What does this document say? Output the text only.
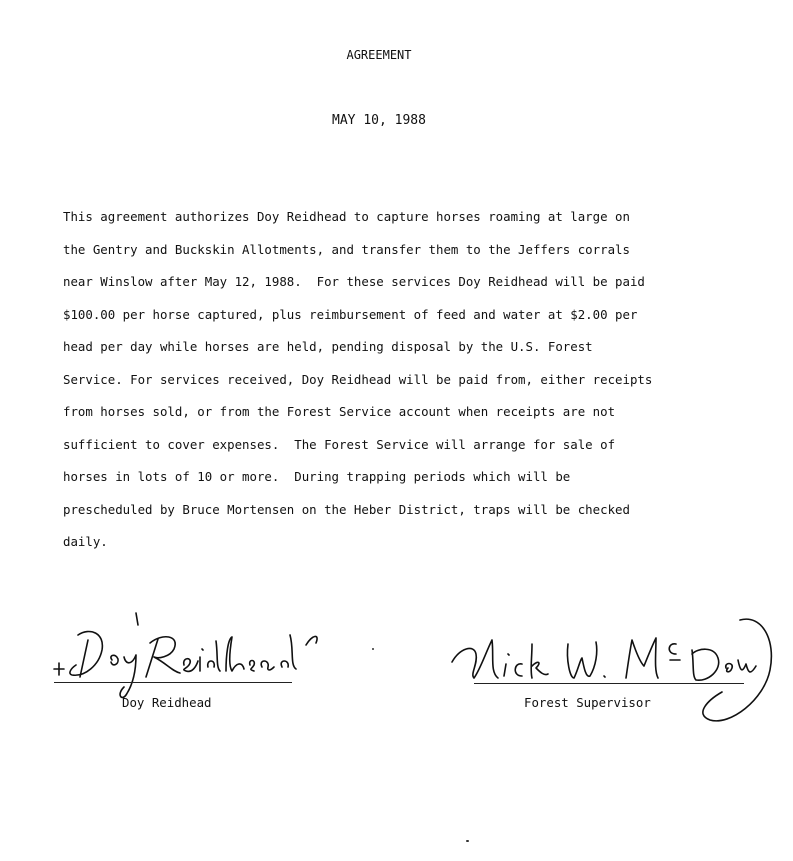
AGREEMENT
MAY 10, 1988
This agreement authorizes Doy Reidhead to capture horses roaming at large on
the Gentry and Buckskin Allotments, and transfer them to the Jeffers corrals
near Winslow after May 12, 1988.  For these services Doy Reidhead will be paid
$100.00 per horse captured, plus reimbursement of feed and water at $2.00 per
head per day while horses are held, pending disposal by the U.S. Forest
Service. For services received, Doy Reidhead will be paid from, either receipts
from horses sold, or from the Forest Service account when receipts are not
sufficient to cover expenses.  The Forest Service will arrange for sale of
horses in lots of 10 or more.  During trapping periods which will be
prescheduled by Bruce Mortensen on the Heber District, traps will be checked
daily.
Doy Reidhead	Forest Supervisor
